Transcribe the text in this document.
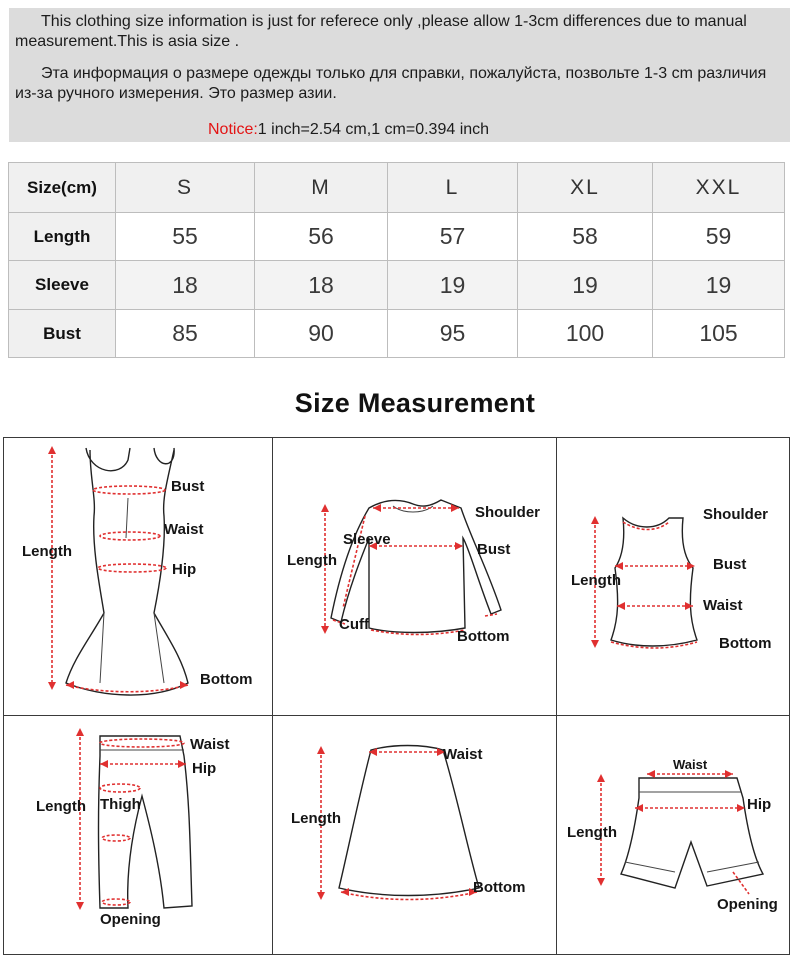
This clothing size information is just for referece only ,please allow 1-3cm differences due to manual measurement.This is asia size .

Эта информация о размере одежды только для справки, пожалуйста, позвольте 1-3 cm различия из-за ручного измерения. Это размер азии.

Notice:1 inch=2.54 cm,1 cm=0.394 inch

Size(cm)	S	M	L	XL	XXL
Length	55	56	57	58	59
Sleeve	18	18	19	19	19
Bust	85	90	95	100	105
Size Measurement
Bust
Waist
Hip
Length
Bottom
Shoulder
Sleeve
Bust
Length
Cuff
Bottom
Shoulder
Bust
Waist
Length
Bottom
Waist
Hip
Thigh
Length
Opening
Waist
Length
Bottom
Waist
Hip
Length
Opening
